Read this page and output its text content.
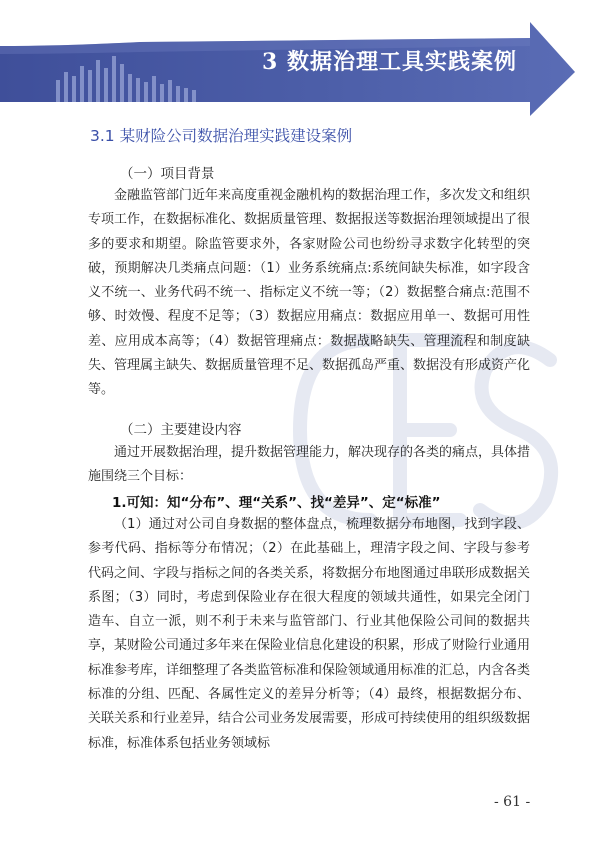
3 数据治理工具实践案例
3.1 某财险公司数据治理实践建设案例
（一）项目背景

金融监管部门近年来高度重视金融机构的数据治理工作，多次发文和组织专项工作，在数据标准化、数据质量管理、数据报送等数据治理领域提出了很多的要求和期望。除监管要求外，各家财险公司也纷纷寻求数字化转型的突破，预期解决几类痛点问题：（1）业务系统痛点:系统间缺失标准，如字段含义不统一、业务代码不统一、指标定义不统一等；（2）数据整合痛点:范围不够、时效慢、程度不足等；（3）数据应用痛点：数据应用单一、数据可用性差、应用成本高等；（4）数据管理痛点：数据战略缺失、管理流程和制度缺失、管理属主缺失、数据质量管理不足、数据孤岛严重、数据没有形成资产化等。

（二）主要建设内容

通过开展数据治理，提升数据管理能力，解决现存的各类的痛点，具体措施围绕三个目标：

1.可知：知“分布”、理“关系”、找“差异”、定“标准”

（1）通过对公司自身数据的整体盘点，梳理数据分布地图，找到字段、参考代码、指标等分布情况；（2）在此基础上，理清字段之间、字段与参考代码之间、字段与指标之间的各类关系，将数据分布地图通过串联形成数据关系图；（3）同时，考虑到保险业存在很大程度的领域共通性，如果完全闭门造车、自立一派，则不利于未来与监管部门、行业其他保险公司间的数据共享，某财险公司通过多年来在保险业信息化建设的积累，形成了财险行业通用标准参考库，详细整理了各类监管标准和保险领域通用标准的汇总，内含各类标准的分组、匹配、各属性定义的差异分析等；（4）最终，根据数据分布、关联关系和行业差异，结合公司业务发展需要，形成可持续使用的组织级数据标准，标准体系包括业务领域标

- 61 -
